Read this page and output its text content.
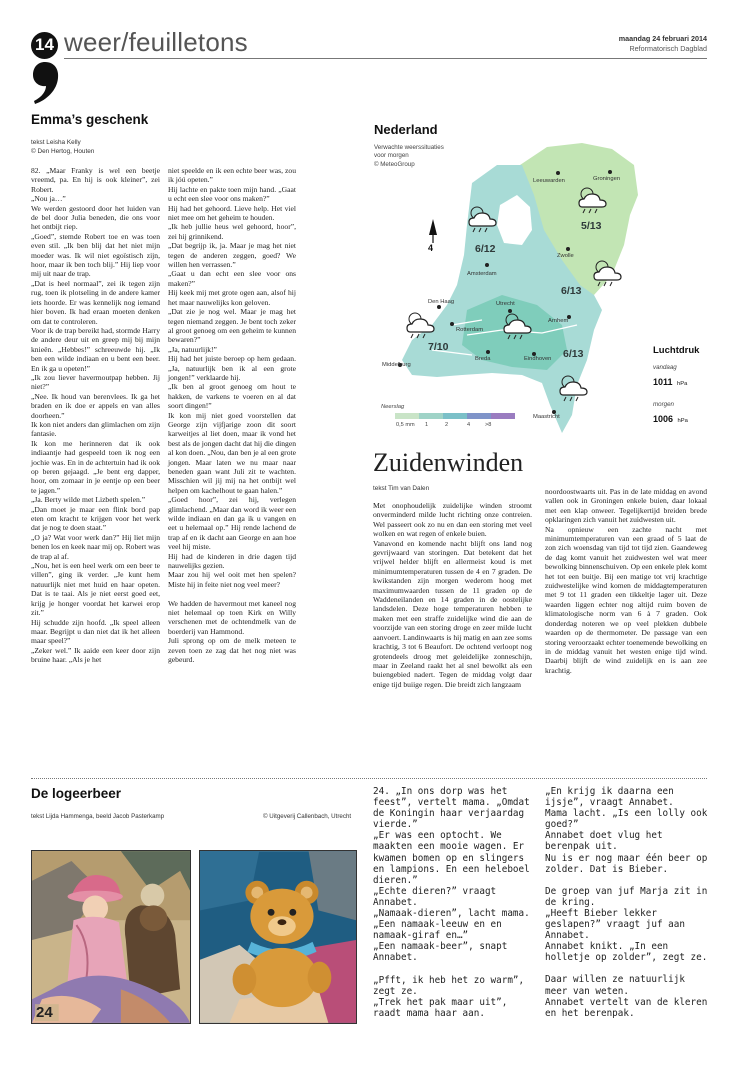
14 weer/feuilletons	maandag 24 februari 2014
Reformatorisch Dagblad
Emma’s geschenk
tekst Leisha Kelly
© Den Hertog, Houten

82. „Maar Franky is wel een beetje vreemd, pa. En hij is ook kleiner”, zei Robert.

„Nou ja…”

We werden gestoord door het luiden van de bel door Julia beneden, die ons voor het ontbijt riep.

„Goed”, stemde Robert toe en was toen even stil. „Ik ben blij dat het niet mijn moeder was. Ik wil niet egoïstisch zijn, hoor, maar ik ben toch blij.” Hij liep voor mij uit naar de trap.

„Dat is heel normaal”, zei ik tegen zijn rug, toen ik plotseling in de andere kamer iets hoorde. Er was kennelijk nog iemand hier boven. Ik had eraan moeten denken om dat te controleren.

Voor ik de trap bereikt had, stormde Harry de andere deur uit en greep mij bij mijn knieën. „Hebbes!” schreeuwde hij. „Ik ben een wilde indiaan en u bent een beer. En ik ga u opeten!”

„Ik zou liever havermoutpap hebben. Jij niet?”

„Nee. Ik houd van berenvlees. Ik ga het braden en ik doe er appels en van alles doorheen.”

Ik kon niet anders dan glimlachen om zijn fantasie.

Ik kon me herinneren dat ik ook indiaantje had gespeeld toen ik nog een jochie was. En in de achtertuin had ik ook op beren gejaagd. „Je bent erg dapper, hoor, om zomaar in je eentje op een beer te jagen.”

„Ja. Berty wilde met Lizbeth spelen.”

„Dan moet je maar een flink bord pap eten om kracht te krijgen voor het werk dat je nog te doen staat.”

„O ja? Wat voor werk dan?” Hij liet mijn benen los en keek naar mij op. Robert was de trap al af.

„Nou, het is een heel werk om een beer te villen”, ging ik verder. „Je kunt hem natuurlijk niet met huid en haar opeten. Dat is te taai. Als je niet eerst goed eet, krijg je honger voordat het karwei erop zit.”

Hij schudde zijn hoofd. „Ik speel alleen maar. Begrijpt u dan niet dat ik het alleen maar speel?”

„Zeker wel.” Ik aaide een keer door zijn bruine haar. „Als je het

niet speelde en ik een echte beer was, zou ik jóú opeten.”

Hij lachte en pakte toen mijn hand. „Gaat u echt een slee voor ons maken?”

Hij had het gehoord. Lieve help. Het viel niet mee om het geheim te houden.

„Ik heb jullie heus wel gehoord, hoor”, zei hij grinnikend.

„Dat begrijp ik, ja. Maar je mag het niet tegen de anderen zeggen, goed? We willen hen verrassen.”

„Gaat u dan echt een slee voor ons maken?”

Hij keek mij met grote ogen aan, alsof hij het maar nauwelijks kon geloven.

„Dat zie je nog wel. Maar je mag het tegen niemand zeggen. Je bent toch zeker al groot genoeg om een geheim te kunnen bewaren?”

„Ja, natuurlijk!”

Hij had het juiste beroep op hem gedaan. „Ja, natuurlijk ben ik al een grote jongen!” verklaarde hij.

„Ik ben al groot genoeg om hout te hakken, de varkens te voeren en al dat soort dingen!”

Ik kon mij niet goed voorstellen dat George zijn vijfjarige zoon dit soort karweitjes al liet doen, maar ik vond het best als de jongen dacht dat hij die dingen al kon doen. „Nou, dan ben je al een grote jongen. Maar laten we nu maar naar beneden gaan want Juli zit te wachten. Misschien wil jij mij na het ontbijt wel helpen om kachelhout te gaan halen.”

„Goed hoor”, zei hij, verlegen glimlachend. „Maar dan word ik weer een wilde indiaan en dan ga ik u vangen en eet u helemaal op.” Hij rende lachend de trap af en ik dacht aan George en aan hoe veel hij miste.

Hij had de kinderen in drie dagen tijd nauwelijks gezien.

Maar zou hij wel ooit met hen spelen? Miste hij in feite niet nog veel meer?

We hadden de havermout met kaneel nog niet helemaal op toen Kirk en Willy verschenen met de ochtendmelk van de boerderij van Hammond.

Juli sprong op om de melk meteen te zeven toen ze zag dat het nog niet was gebeurd.

Nederland
Verwachte weerssituaties
voor morgen
© MeteoGroup
4
Leeuwarden	Groningen
Zwolle
Amsterdam
Den Haag	Utrecht
Rotterdam
Arnhem
Breda	Eindhoven
Middelburg
Maastricht
5/13
6/12
6/13
7/10
6/13
Neerslag
0,5 mm 1	2	4	>8
Luchtdruk
vandaag
1011 hPa
morgen
1006 hPa
Zuidenwinden
tekst Tim van Dalen

Met onophoudelijk zuidelijke winden stroomt onverminderd milde lucht richting onze contreien. Wel passeert ook zo nu en dan een storing met veel wolken en wat regen of enkele buien.

Vanavond en komende nacht blijft ons land nog gevrijwaard van storingen. Dat betekent dat het vrijwel helder blijft en allermeist koud is met minimumtemperaturen tussen de 4 en 7 graden. De kwikstanden zijn morgen wederom hoog met maximumwaarden tussen de 11 graden op de Waddeneilanden en 14 graden in de oostelijke landsdelen. Deze hoge temperaturen hebben te maken met een straffe zuidelijke wind die aan de voorzijde van een storing droge en zeer milde lucht aanvoert. Landinwaarts is hij matig en aan zee soms krachtig, 3 tot 6 Beaufort. De ochtend verloopt nog grotendeels droog met geleidelijke zonneschijn, maar in Zeeland raakt het al snel bewolkt als een buiengebied nadert. Tegen de middag volgt daar enige tijd buiige regen. Die breidt zich langzaam

noordoostwaarts uit. Pas in de late middag en avond vallen ook in Groningen enkele buien, daar lokaal met een klap onweer. Tegelijkertijd breiden brede opklaringen zich vanuit het zuidwesten uit.

Na opnieuw een zachte nacht met minimumtemperaturen van een graad of 5 laat de zon zich woensdag van tijd tot tijd zien. Gaandeweg de dag komt vanuit het zuidwesten wel wat meer bewolking binnenschuiven. Op een enkele plek komt het tot een buitje. Bij een matige tot vrij krachtige zuidwestelijke wind komen de middagtemperaturen met 9 tot 11 graden een tikkeltje lager uit. Deze waarden liggen echter nog altijd ruim boven de klimatologische norm van 6 à 7 graden. Ook donderdag noteren we op veel plekken dubbele waarden op de thermometer. De passage van een storing veroorzaakt echter toenemende bewolking en in de middag vanuit het westen enige tijd wind. Daarbij blijft de wind zuidelijk en is aan zee krachtig.

De logeerbeer
tekst Lijda Hammenga, beeld Jacob Pasterkamp	© Uitgeverij Callenbach, Utrecht
24

24. „In ons dorp was het feest”, vertelt mama. „Omdat de Koningin haar verjaardag vierde.”

„Er was een optocht. We maakten een mooie wagen. Er kwamen bomen op en slingers en lampions. En een heleboel dieren.”

„Echte dieren?” vraagt Annabet.

„Namaak-dieren”, lacht mama. „Een namaak-leeuw en en namaak-giraf en…”

„Een namaak-beer”, snapt Annabet.

„Pfft, ik heb het zo warm”, zegt ze.

„Trek het pak maar uit”, raadt mama haar aan.

„En krijg ik daarna een ijsje”, vraagt Annabet.

Mama lacht. „Is een lolly ook goed?”

Annabet doet vlug het berenpak uit.

Nu is er nog maar één beer op zolder. Dat is Bieber.

De groep van juf Marja zit in de kring.

„Heeft Bieber lekker geslapen?” vraagt juf aan Annabet.

Annabet knikt. „In een holletje op zolder”, zegt ze.

Daar willen ze natuurlijk meer van weten.

Annabet vertelt van de kleren en het berenpak.
